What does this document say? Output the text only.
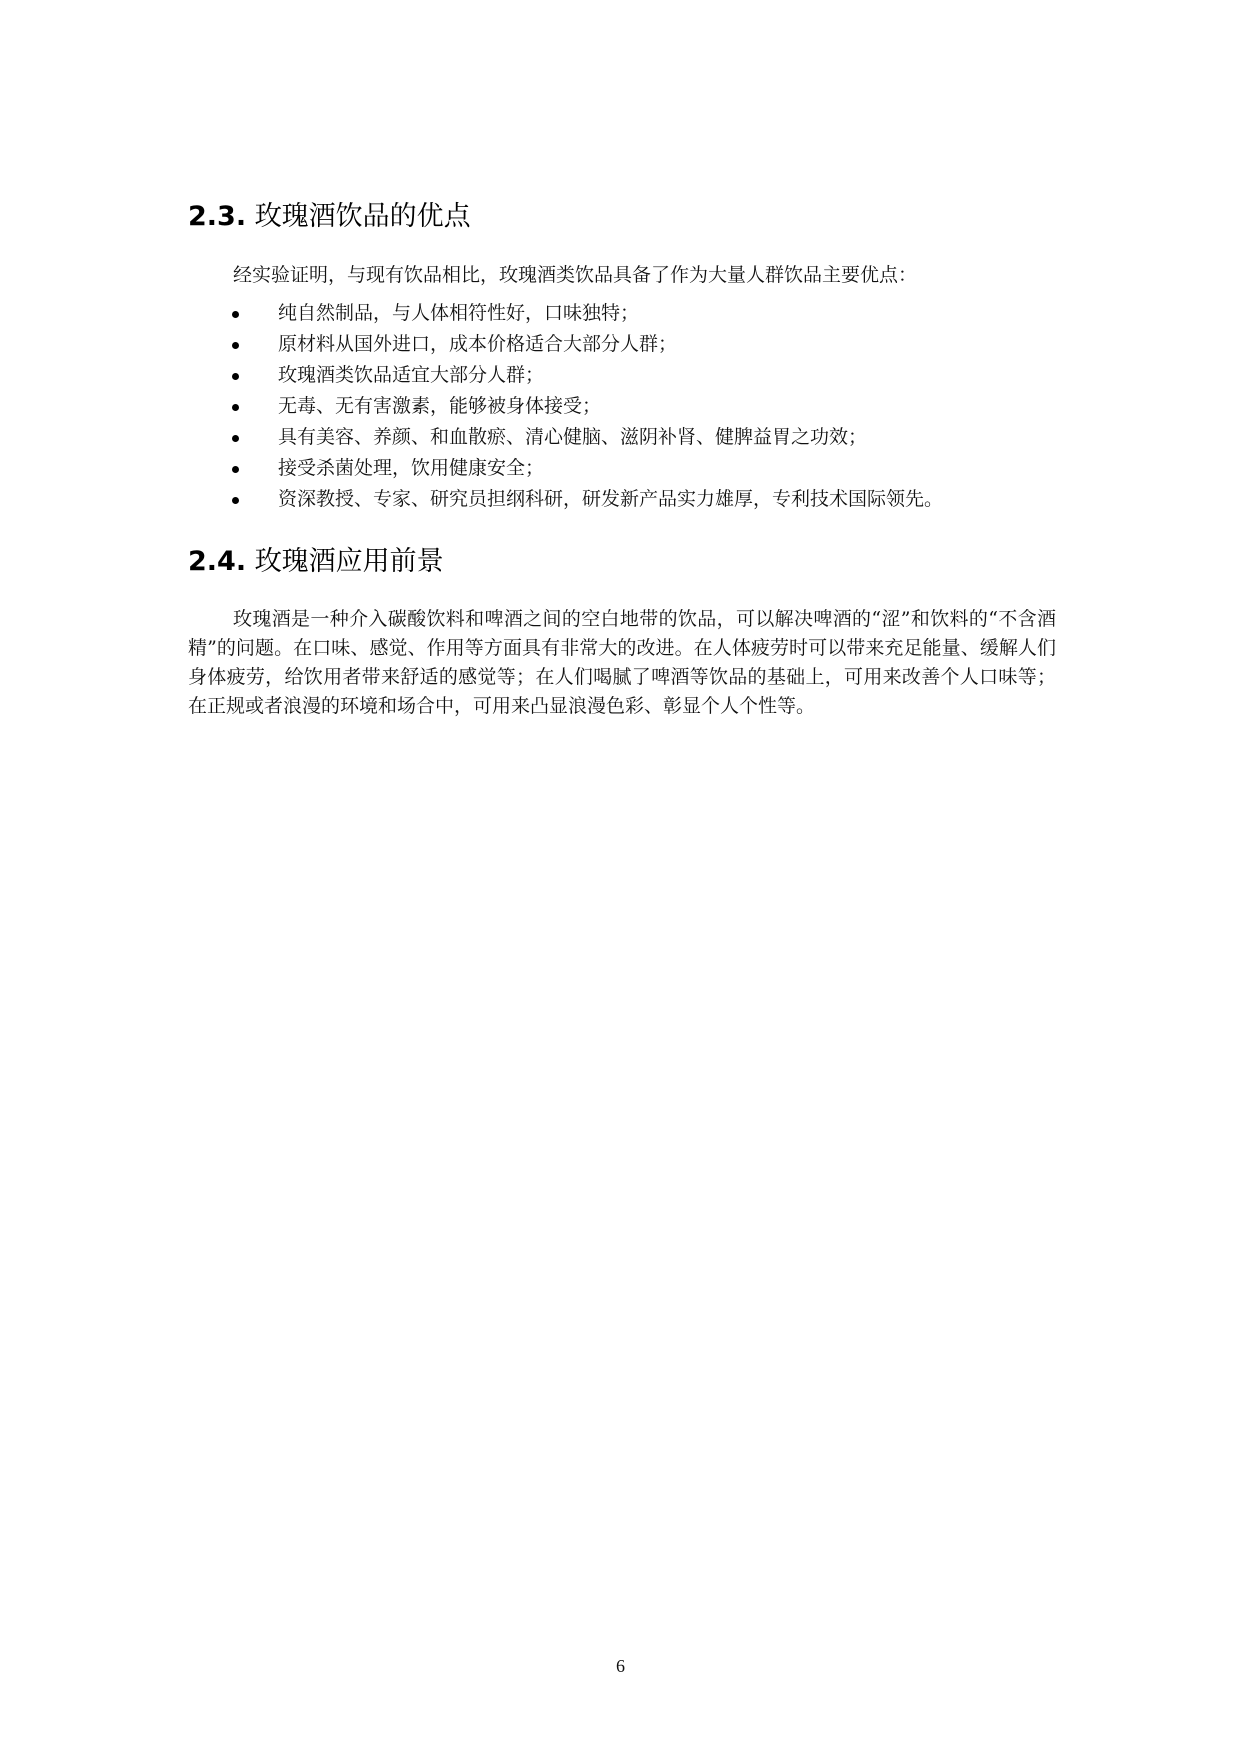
2.3. 玫瑰酒饮品的优点

经实验证明，与现有饮品相比，玫瑰酒类饮品具备了作为大量人群饮品主要优点：

纯自然制品，与人体相符性好，口味独特；
原材料从国外进口，成本价格适合大部分人群；
玫瑰酒类饮品适宜大部分人群；
无毒、无有害激素，能够被身体接受；
具有美容、养颜、和血散瘀、清心健脑、滋阴补肾、健脾益胃之功效；
接受杀菌处理，饮用健康安全；
资深教授、专家、研究员担纲科研，研发新产品实力雄厚，专利技术国际领先。
2.4. 玫瑰酒应用前景

玫瑰酒是一种介入碳酸饮料和啤酒之间的空白地带的饮品，可以解决啤酒的“涩”和饮料的“不含酒精”的问题。在口味、感觉、作用等方面具有非常大的改进。在人体疲劳时可以带来充足能量、缓解人们身体疲劳，给饮用者带来舒适的感觉等；在人们喝腻了啤酒等饮品的基础上，可用来改善个人口味等；在正规或者浪漫的环境和场合中，可用来凸显浪漫色彩、彰显个人个性等。

6
